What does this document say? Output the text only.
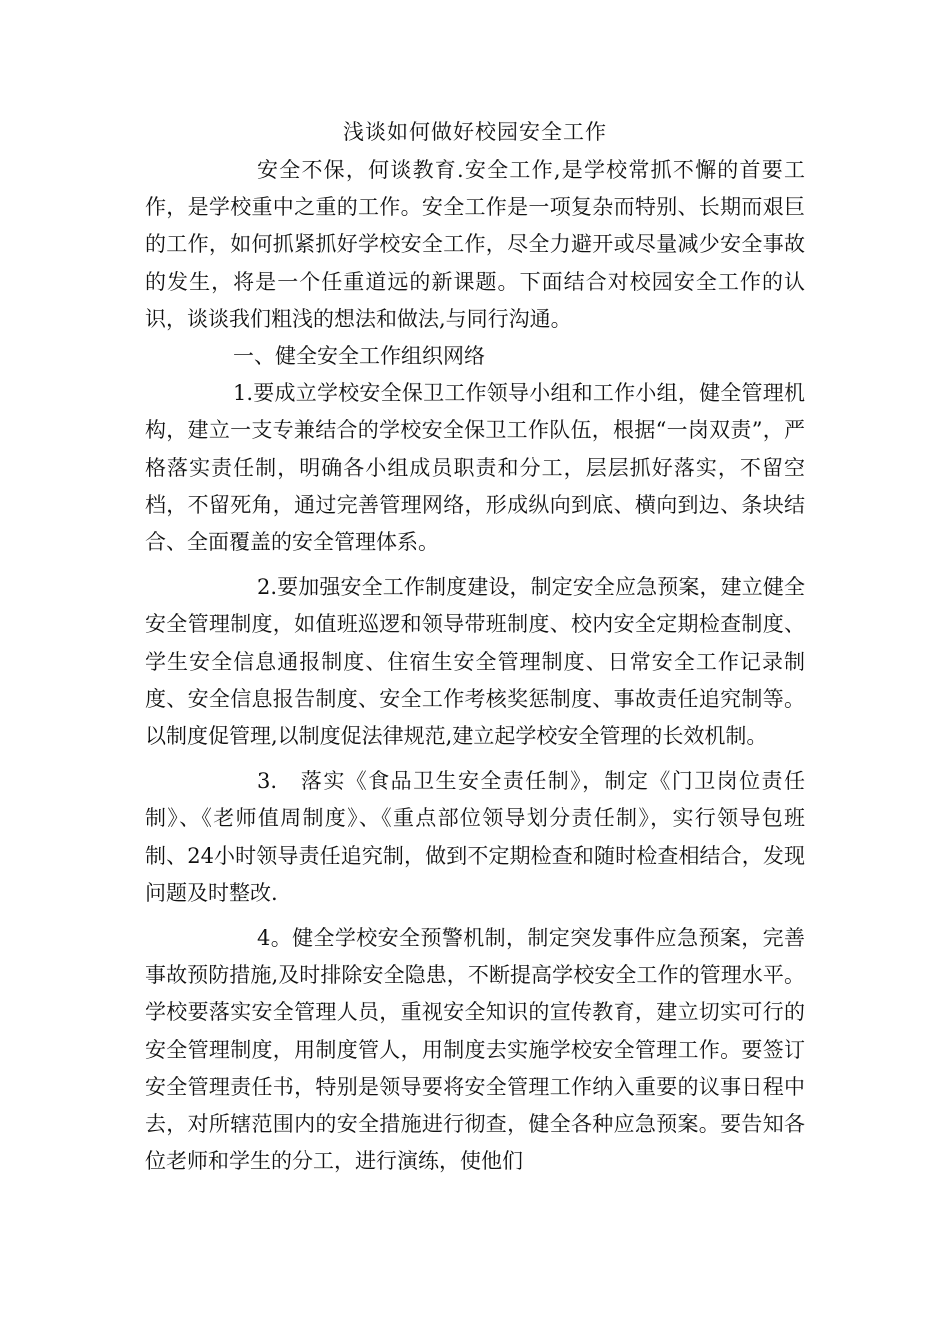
浅谈如何做好校园安全工作

安全不保，何谈教育.安全工作,是学校常抓不懈的首要工作，是学校重中之重的工作。安全工作是一项复杂而特别、长期而艰巨的工作，如何抓紧抓好学校安全工作，尽全力避开或尽量减少安全事故的发生，将是一个任重道远的新课题。下面结合对校园安全工作的认识，谈谈我们粗浅的想法和做法,与同行沟通。

一、健全安全工作组织网络

1.要成立学校安全保卫工作领导小组和工作小组，健全管理机构，建立一支专兼结合的学校安全保卫工作队伍，根据“一岗双责”，严格落实责任制，明确各小组成员职责和分工，层层抓好落实，不留空档，不留死角，通过完善管理网络，形成纵向到底、横向到边、条块结合、全面覆盖的安全管理体系。

2.要加强安全工作制度建设，制定安全应急预案，建立健全安全管理制度，如值班巡逻和领导带班制度、校内安全定期检查制度、学生安全信息通报制度、住宿生安全管理制度、日常安全工作记录制度、安全信息报告制度、安全工作考核奖惩制度、事故责任追究制等。以制度促管理,以制度促法律规范,建立起学校安全管理的长效机制。

3.　落实《食品卫生安全责任制》，制定《门卫岗位责任制》、《老师值周制度》、《重点部位领导划分责任制》，实行领导包班制、24小时领导责任追究制，做到不定期检查和随时检查相结合，发现问题及时整改.

4。健全学校安全预警机制，制定突发事件应急预案，完善事故预防措施,及时排除安全隐患，不断提高学校安全工作的管理水平。学校要落实安全管理人员，重视安全知识的宣传教育，建立切实可行的安全管理制度，用制度管人，用制度去实施学校安全管理工作。要签订安全管理责任书，特别是领导要将安全管理工作纳入重要的议事日程中去，对所辖范围内的安全措施进行彻查，健全各种应急预案。要告知各位老师和学生的分工，进行演练，使他们
